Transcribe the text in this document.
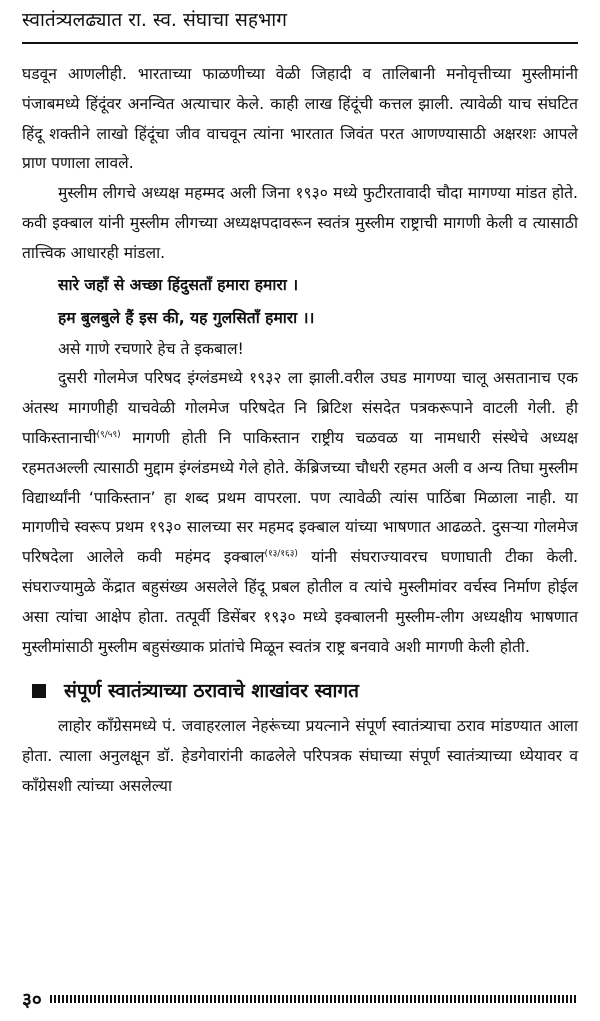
स्वातंत्र्यलढ्यात रा. स्व. संघाचा सहभाग

घडवून आणलीही. भारताच्या फाळणीच्या वेळी जिहादी व तालिबानी मनोवृत्तीच्या मुस्लीमांनी पंजाबमध्ये हिंदूंवर अनन्वित अत्याचार केले. काही लाख हिंदूंची कत्तल झाली. त्यावेळी याच संघटित हिंदू शक्तीने लाखो हिंदूंचा जीव वाचवून त्यांना भारतात जिवंत परत आणण्यासाठी अक्षरशः आपले प्राण पणाला लावले.

मुस्लीम लीगचे अध्यक्ष महम्मद अली जिना १९३० मध्ये फुटीरतावादी चौदा मागण्या मांडत होते. कवी इक्बाल यांनी मुस्लीम लीगच्या अध्यक्षपदावरून स्वतंत्र मुस्लीम राष्ट्राची मागणी केली व त्यासाठी तात्त्विक आधारही मांडला.

सारे जहाँ से अच्छा हिंदुसताँ हमारा हमारा ।

हम बुलबुले हैं इस की, यह गुलसिताँ हमारा ।।

असे गाणे रचणारे हेच ते इकबाल!

दुसरी गोलमेज परिषद इंग्लंडमध्ये १९३२ ला झाली.वरील उघड मागण्या चालू असतानाच एक अंतस्थ मागणीही याचवेळी गोलमेज परिषदेत नि ब्रिटिश संसदेत पत्रकरूपाने वाटली गेली. ही पाकिस्तानाची$^{(९/५९)}$ मागणी होती नि पाकिस्तान राष्ट्रीय चळवळ या नामधारी संस्थेचे अध्यक्ष रहमतअल्ली त्यासाठी मुद्दाम इंग्लंडमध्ये गेले होते. केंब्रिजच्या चौधरी रहमत अली व अन्य तिघा मुस्लीम विद्यार्थ्यांनी ‘पाकिस्तान’ हा शब्द प्रथम वापरला. पण त्यावेळी त्यांस पाठिंबा मिळाला नाही. या मागणीचे स्वरूप प्रथम १९३० सालच्या सर महमद इक्बाल यांच्या भाषणात आढळते. दुसऱ्या गोलमेज परिषदेला आलेले कवी महंमद इक्बाल$^{(१३/१६३)}$ यांनी संघराज्यावरच घणाघाती टीका केली. संघराज्यामुळे केंद्रात बहुसंख्य असलेले हिंदू प्रबल होतील व त्यांचे मुस्लीमांवर वर्चस्व निर्माण होईल असा त्यांचा आक्षेप होता. तत्पूर्वी डिसेंबर १९३० मध्ये इक्बालनी मुस्लीम-लीग अध्यक्षीय भाषणात मुस्लीमांसाठी मुस्लीम बहुसंख्याक प्रांतांचे मिळून स्वतंत्र राष्ट्र बनवावे अशी मागणी केली होती.

संपूर्ण स्वातंत्र्याच्या ठरावाचे शाखांवर स्वागत

लाहोर काँग्रेसमध्ये पं. जवाहरलाल नेहरूंच्या प्रयत्नाने संपूर्ण स्वातंत्र्याचा ठराव मांडण्यात आला होता. त्याला अनुलक्षून डॉ. हेडगेवारांनी काढलेले परिपत्रक संघाच्या संपूर्ण स्वातंत्र्याच्या ध्येयावर व काँग्रेसशी त्यांच्या असलेल्या

३०
